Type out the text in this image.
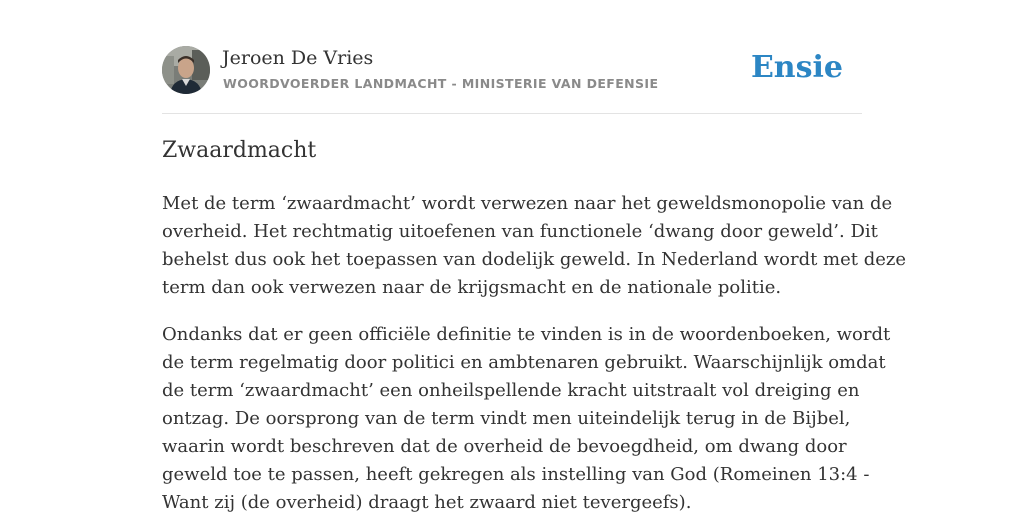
Jeroen De Vries
WOORDVOERDER LANDMACHT - MINISTERIE VAN DEFENSIE	Ensie
Zwaardmacht

Met de term ‘zwaardmacht’ wordt verwezen naar het geweldsmonopolie van de
overheid. Het rechtmatig uitoefenen van functionele ‘dwang door geweld’. Dit
behelst dus ook het toepassen van dodelijk geweld. In Nederland wordt met deze
term dan ook verwezen naar de krijgsmacht en de nationale politie.

Ondanks dat er geen officiële definitie te vinden is in de woordenboeken, wordt
de term regelmatig door politici en ambtenaren gebruikt. Waarschijnlijk omdat
de term ‘zwaardmacht’ een onheilspellende kracht uitstraalt vol dreiging en
ontzag. De oorsprong van de term vindt men uiteindelijk terug in de Bijbel,
waarin wordt beschreven dat de overheid de bevoegdheid, om dwang door
geweld toe te passen, heeft gekregen als instelling van God (Romeinen 13:4 -
Want zij (de overheid) draagt het zwaard niet tevergeefs).
